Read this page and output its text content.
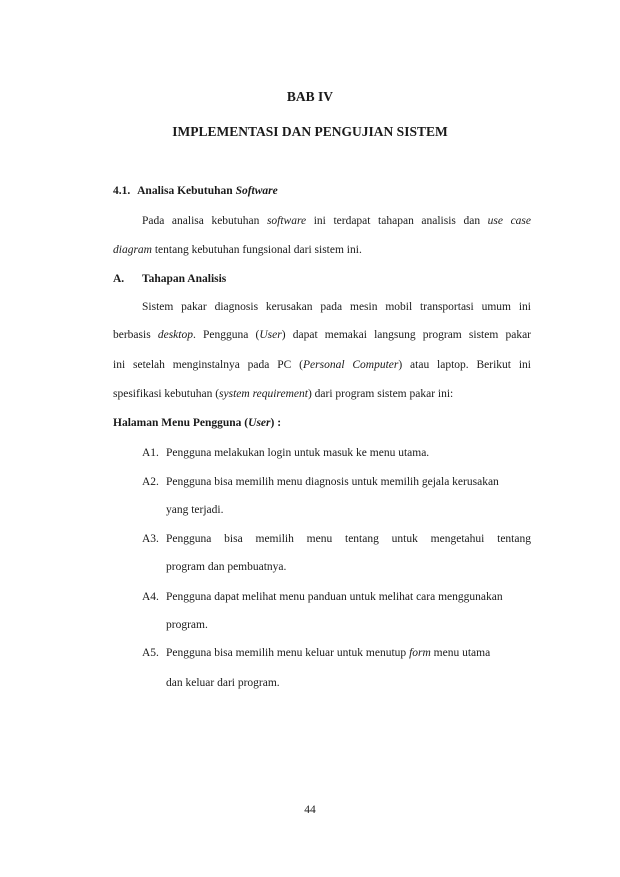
BAB IV

IMPLEMENTASI DAN PENGUJIAN SISTEM

4.1. Analisa Kebutuhan Software

Pada analisa kebutuhan software ini terdapat tahapan analisis dan use case

diagram tentang kebutuhan fungsional dari sistem ini.

A. Tahapan Analisis

Sistem pakar diagnosis kerusakan pada mesin mobil transportasi umum ini

berbasis desktop. Pengguna (User) dapat memakai langsung program sistem pakar

ini setelah menginstalnya pada PC (Personal Computer) atau laptop. Berikut ini

spesifikasi kebutuhan (system requirement) dari program sistem pakar ini:

Halaman Menu Pengguna (User) :

A1. Pengguna melakukan login untuk masuk ke menu utama.
A2. Pengguna bisa memilih menu diagnosis untuk memilih gejala kerusakan

yang terjadi.

A3. Pengguna bisa memilih menu tentang untuk mengetahui tentang

program dan pembuatnya.

A4. Pengguna dapat melihat menu panduan untuk melihat cara menggunakan

program.

A5. Pengguna bisa memilih menu keluar untuk menutup form menu utama

dan keluar dari program.

44
